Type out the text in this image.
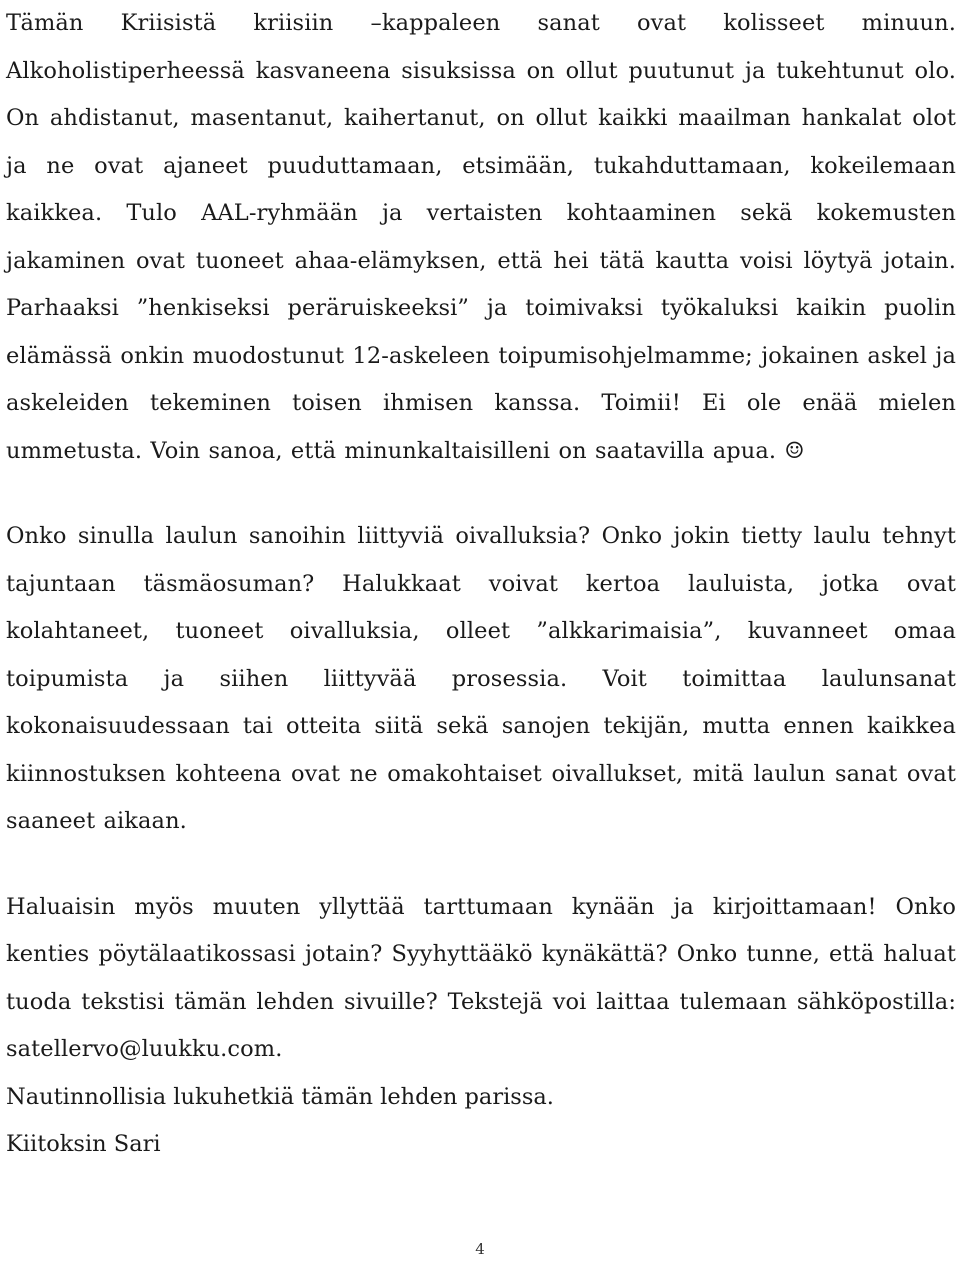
Tämän Kriisistä kriisiin –kappaleen sanat ovat kolisseet minuun. Alkoholistiperheessä kasvaneena sisuksissa on ollut puutunut ja tukehtunut olo. On ahdistanut, masentanut, kaihertanut, on ollut kaikki maailman hankalat olot ja ne ovat ajaneet puuduttamaan, etsimään, tukahduttamaan, kokeilemaan kaikkea. Tulo AAL-ryhmään ja vertaisten kohtaaminen sekä kokemusten jakaminen ovat tuoneet ahaa-elämyksen, että hei tätä kautta voisi löytyä jotain. Parhaaksi ”henkiseksi peräruiskeeksi” ja toimivaksi työkaluksi kaikin puolin elämässä onkin muodostunut 12-askeleen toipumisohjelmamme; jokainen askel ja askeleiden tekeminen toisen ihmisen kanssa. Toimii! Ei ole enää mielen ummetusta. Voin sanoa, että minunkaltaisilleni on saatavilla apua. ☺

Onko sinulla laulun sanoihin liittyviä oivalluksia? Onko jokin tietty laulu tehnyt tajuntaan täsmäosuman? Halukkaat voivat kertoa lauluista, jotka ovat kolahtaneet, tuoneet oivalluksia, olleet ”alkkarimaisia”, kuvanneet omaa toipumista ja siihen liittyvää prosessia. Voit toimittaa laulunsanat kokonaisuudessaan tai otteita siitä sekä sanojen tekijän, mutta ennen kaikkea kiinnostuksen kohteena ovat ne omakohtaiset oivallukset, mitä laulun sanat ovat saaneet aikaan.

Haluaisin myös muuten yllyttää tarttumaan kynään ja kirjoittamaan! Onko kenties pöytälaatikossasi jotain? Syyhyttääkö kynäkättä? Onko tunne, että haluat tuoda tekstisi tämän lehden sivuille? Tekstejä voi laittaa tulemaan sähköpostilla: satellervo@luukku.com.

Nautinnollisia lukuhetkiä tämän lehden parissa.

Kiitoksin Sari

4
